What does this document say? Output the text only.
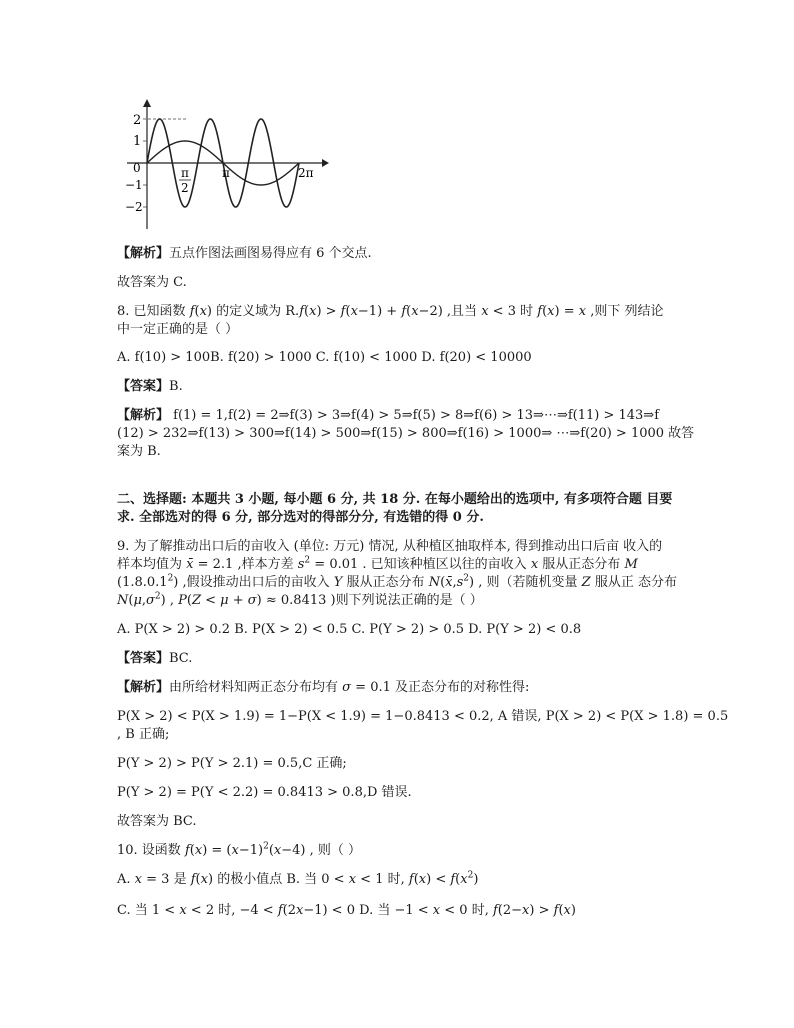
2
1
0
−1
−2
π
2
π	2π
【解析】五点作图法画图易得应有 6 个交点.
故答案为 C.
8. 已知函数 f(x) 的定义域为 R.f(x) > f(x−1) + f(x−2) ,且当 x < 3 时 f(x) = x ,则下 列结论
中一定正确的是（ ）
A. f(10) > 100B. f(20) > 1000 C. f(10) < 1000 D. f(20) < 10000
【答案】B.
【解析】 f(1) = 1,f(2) = 2⇒f(3) > 3⇒f(4) > 5⇒f(5) > 8⇒f(6) > 13⇒⋯⇒f(11) > 143⇒f
(12) > 232⇒f(13) > 300⇒f(14) > 500⇒f(15) > 800⇒f(16) > 1000⇒ ⋯⇒f(20) > 1000 故答
案为 B.
二、选择题: 本题共 3 小题, 每小题 6 分, 共 18 分. 在每小题给出的选项中, 有多项符合题 目要
求. 全部选对的得 6 分, 部分选对的得部分分, 有选错的得 0 分.
9. 为了解推动出口后的亩收入 (单位: 万元) 情况, 从种植区抽取样本, 得到推动出口后亩 收入的
样本均值为 x̄ = 2.1 ,样本方差 $s^2 = 0.01$ . 已知该种植区以往的亩收入 x 服从正态分布 M
(1.8.0.1$^2$) ,假设推动出口后的亩收入 Y 服从正态分布 $N(x̄,s^2)$ , 则（若随机变量 Z 服从正 态分布
$N(\mu,\sigma^2)$ , P(Z < μ + σ) ≈ 0.8413 )则下列说法正确的是（ ）
A. P(X > 2) > 0.2 B. P(X > 2) < 0.5 C. P(Y > 2) > 0.5 D. P(Y > 2) < 0.8
【答案】BC.
【解析】由所给材料知两正态分布均有 σ = 0.1 及正态分布的对称性得:
P(X > 2) < P(X > 1.9) = 1−P(X < 1.9) = 1−0.8413 < 0.2, A 错误, P(X > 2) < P(X > 1.8) = 0.5
, B 正确;
P(Y > 2) > P(Y > 2.1) = 0.5,C 正确;
P(Y > 2) = P(Y < 2.2) = 0.8413 > 0.8,D 错误.
故答案为 BC.
10. 设函数 $f(x) = (x-1)^2(x-4)$ , 则（ ）
A. x = 3 是 f(x) 的极小值点 B. 当 0 < x < 1 时, $f(x) < f(x^2)$
C. 当 1 < x < 2 时, −4 < f(2x−1) < 0 D. 当 −1 < x < 0 时, f(2−x) > f(x)
